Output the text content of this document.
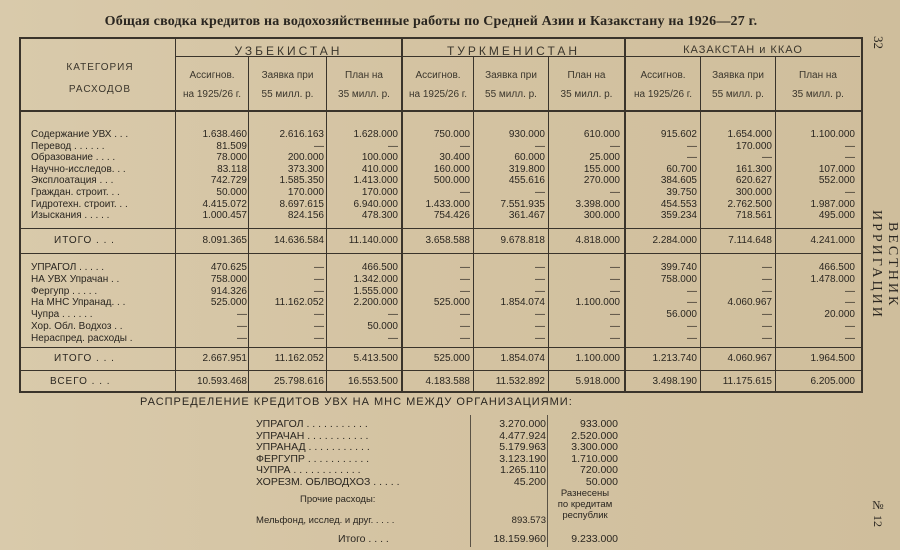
Общая сводка кредитов на водохозяйственные работы по Средней Азии и Казакстану на 1926—27 г.
КАТЕГОРИЯ
РАСХОДОВ
УЗБЕКИСТАН	ТУРКМЕНИСТАН	КАЗАКСТАН и ККАО
Ассигнов.
на 1925/26 г.
Заявка при
55 милл. р.
План на
35 милл. р.
Ассигнов.
на 1925/26 г.
Заявка при
55 милл. р.
План на
35 милл. р.
Ассигнов.
на 1925/26 г.
Заявка при
55 милл. р.
План на
35 милл. р.
Содержание УВХ . . .	1.638.460	2.616.163	1.628.000	750.000	930.000	610.000	915.602	1.654.000	1.100.000
Перевод . . . . . .	81.509	—	—	—	—	—	—	170.000	—
Образование . . . .	78.000	200.000	100.000	30.400	60.000	25.000	—	—	—
Научно-исследов. . .	83.118	373.300	410.000	160.000	319.800	155.000	60.700	161.300	107.000
Эксплоатация . . .	742.729	1.585.350	1.413.000	500.000	455.616	270.000	384.605	620.627	552.000
Граждан. строит. . .	50.000	170.000	170.000	—	—	—	39.750	300.000	—
Гидротехн. строит. . .	4.415.072	8.697.615	6.940.000	1.433.000	7.551.935	3.398.000	454.553	2.762.500	1.987.000
Изыскания . . . . .	1.000.457	824.156	478.300	754.426	361.467	300.000	359.234	718.561	495.000
ИТОГО . . .	8.091.365	14.636.584	11.140.000	3.658.588	9.678.818	4.818.000	2.284.000	7.114.648	4.241.000
УПРАГОЛ . . . . .	470.625	—	466.500	—	—	—	399.740	—	466.500
НА УВХ Упрачан . .	758.000	—	1.342.000	—	—	—	758.000	—	1.478.000
Фергупр . . . . .	914.326	—	1.555.000	—	—	—	—	—	—
На МНС Упранад. . .	525.000	11.162.052	2.200.000	525.000	1.854.074	1.100.000	—	4.060.967	—
Чупра . . . . . .	—	—	—	—	—	—	56.000	—	20.000
Хор. Обл. Водхоз . .	—	—	50.000	—	—	—	—	—	—
Нераспред. расходы .	—	—	—	—	—	—	—	—	—
ИТОГО . . .	2.667.951	11.162.052	5.413.500	525.000	1.854.074	1.100.000	1.213.740	4.060.967	1.964.500
ВСЕГО . . .	10.593.468	25.798.616	16.553.500	4.183.588	11.532.892	5.918.000	3.498.190	11.175.615	6.205.000
РАСПРЕДЕЛЕНИЕ КРЕДИТОВ УВХ НА МНС МЕЖДУ ОРГАНИЗАЦИЯМИ:
УПРАГОЛ . . . . . . . . . . .	3.270.000	933.000
УПРАЧАН . . . . . . . . . . .	4.477.924	2.520.000
УПРАНАД . . . . . . . . . . .	5.179.963	3.300.000
ФЕРГУПР . . . . . . . . . . .	3.123.190	1.710.000
ЧУПРА . . . . . . . . . . . .	1.265.110	720.000
ХОРЕЗМ. ОБЛВОДХОЗ . . . . .	45.200	50.000
Прочие расходы:
Разнесены
по кредитам
республик
Мельфонд, исслед. и друг. . . . .	893.573
Итого . . . .	18.159.960	9.233.000
32
ВЕСТНИК ИРРИГАЦИИ
№ 12
